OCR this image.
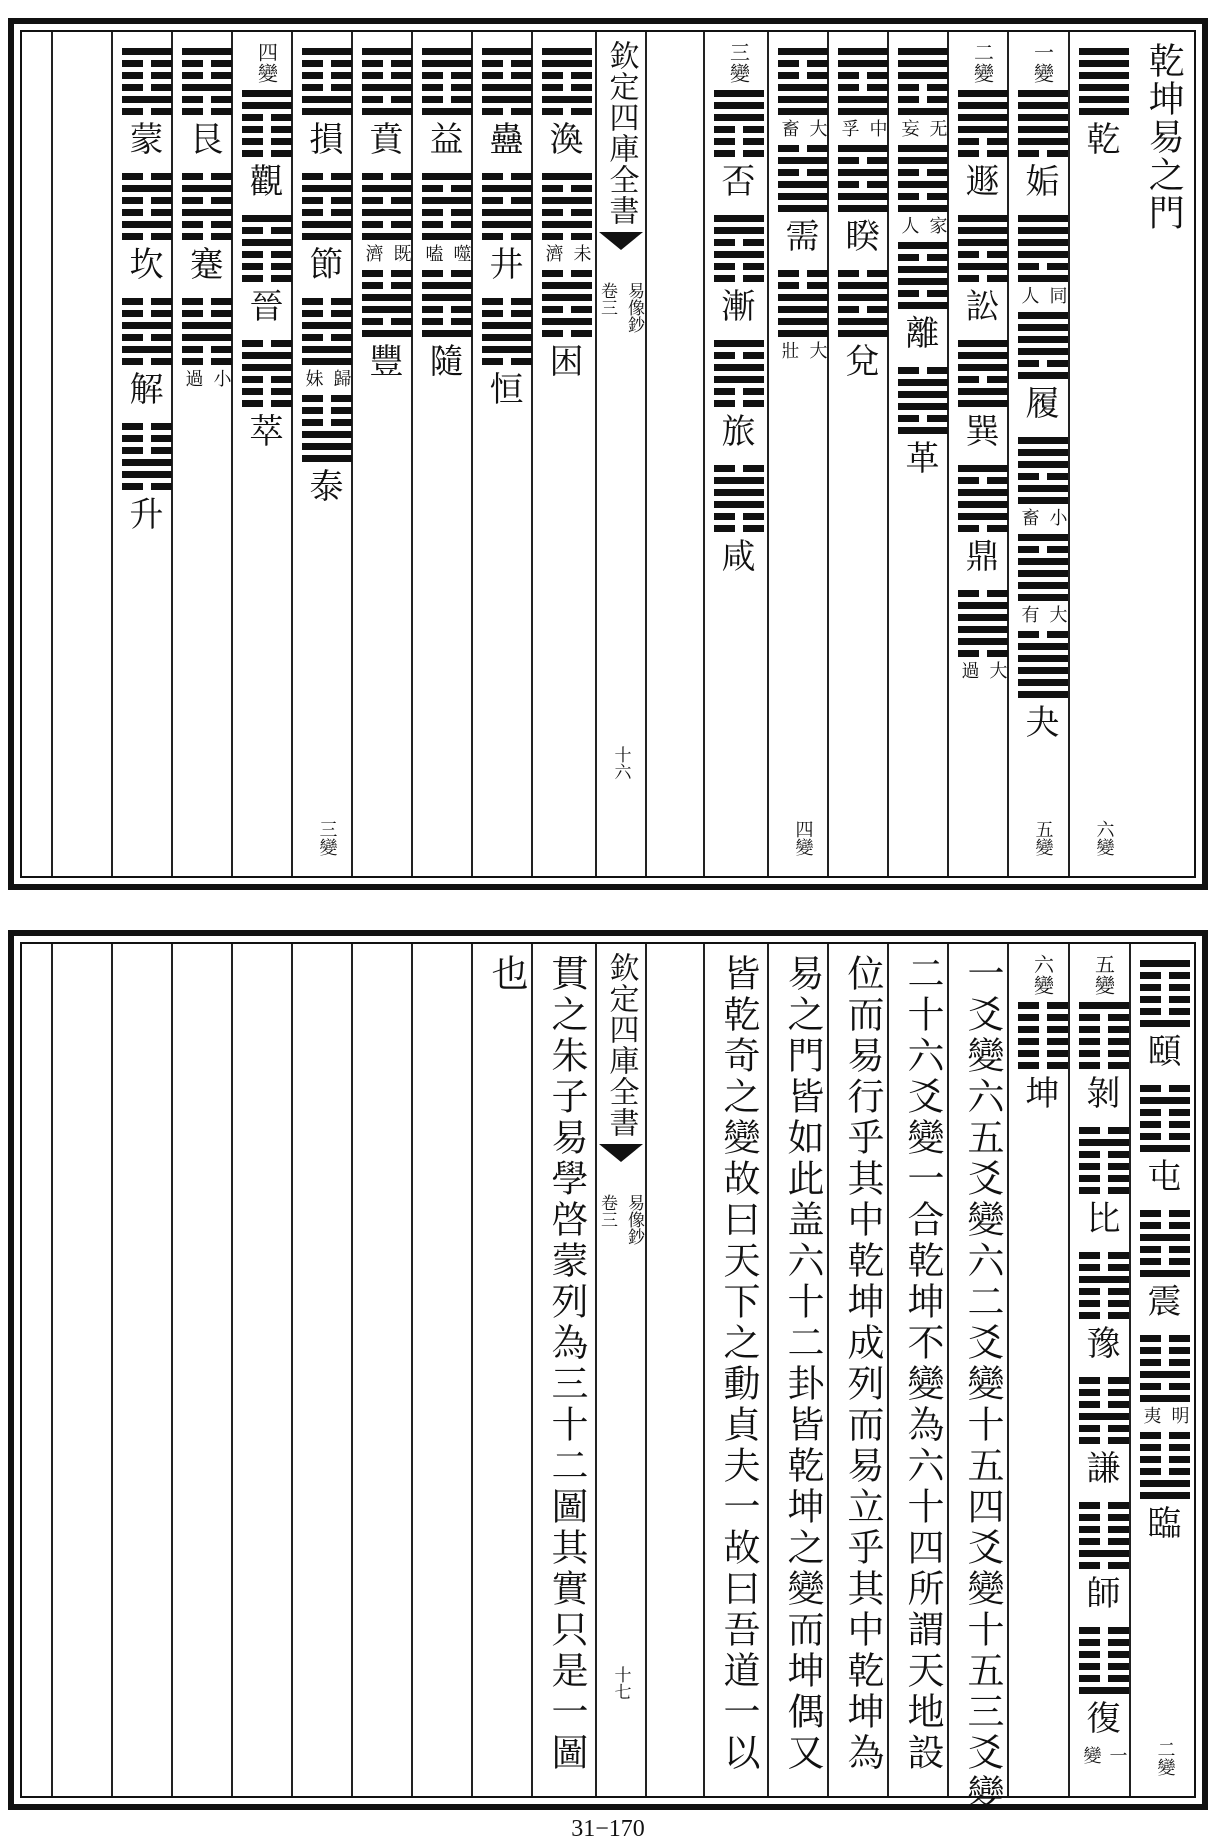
乾坤易之門
乾
六變
一變
姤
同
人
履
小
畜
大
有
夬
五變
二變
遯
訟
巽
鼎
大
過
无
妄
家
人
離
革
中
孚
睽
兌
大
畜
需
大
壯
四變
三變
否
漸
旅
咸
渙
未
濟
困
蠱
井
恒
益
噬
嗑
隨
賁
既
濟
豐
損
節
歸
妹
泰
三變
四變
觀
晉
萃
艮
蹇
小
過
蒙
坎
解
升
欽定四庫全書
易像鈔
卷三
十六
頤
屯
震
明
夷
臨
二變
五變
剝
比
豫
謙
師
復
一變
六變
坤
一爻變六五爻變六二爻變十五四爻變十五三爻變
二十六爻變一合乾坤不變為六十四所謂天地設
位而易行乎其中乾坤成列而易立乎其中乾坤為
易之門皆如此盖六十二卦皆乾坤之變而坤偶又
皆乾奇之變故曰天下之動貞夫一故曰吾道一以
貫之朱子易學啓蒙列為三十二圖其實只是一圖
也	欽定四庫全書
易像鈔
卷三
十七
31−170
